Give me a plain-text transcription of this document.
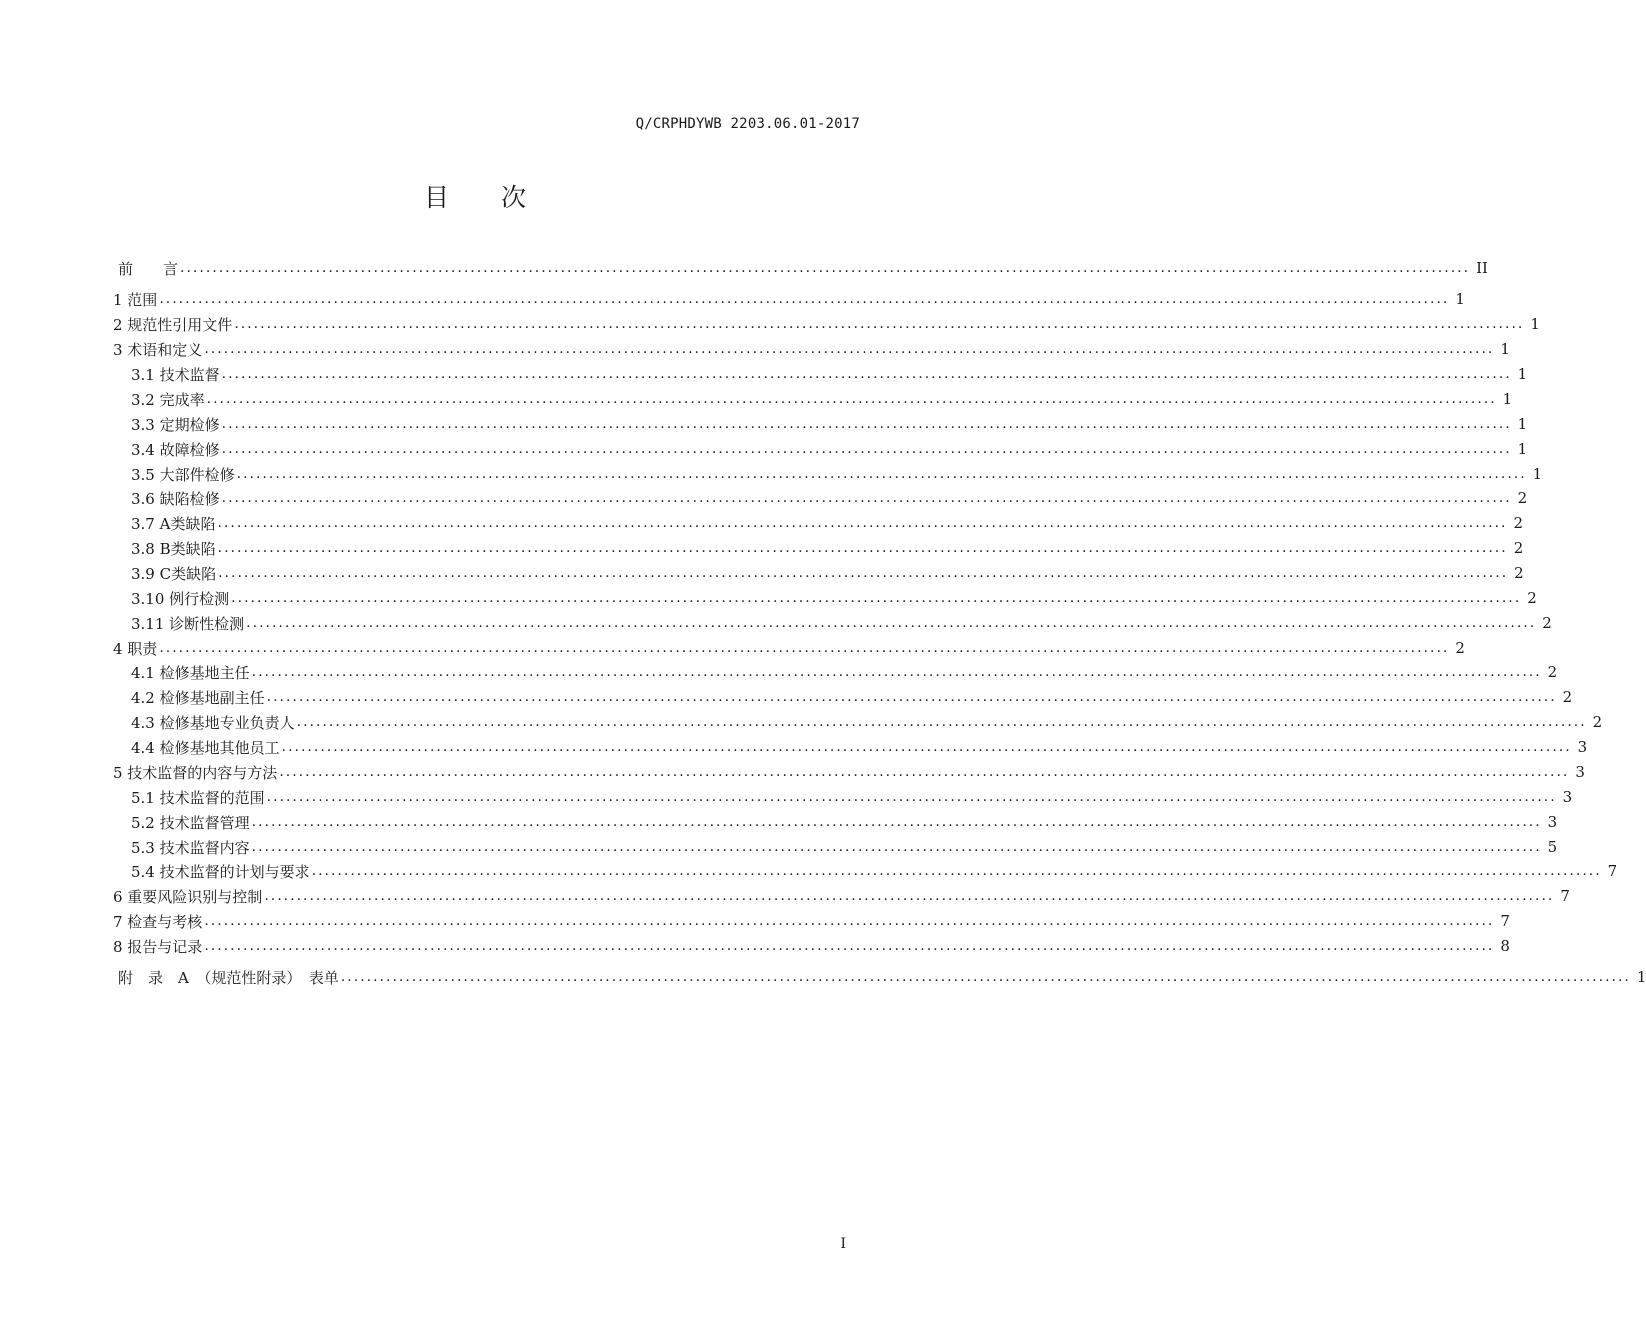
Q/CRPHDYWB 2203.06.01-2017
目 次
前　　言 ........................................................................................................................................................................................................ II
1 范围 ........................................................................................................................................................................................................ 1
2 规范性引用文件 ........................................................................................................................................................................................................ 1
3 术语和定义 ........................................................................................................................................................................................................ 1
3.1 技术监督 ........................................................................................................................................................................................................ 1
3.2 完成率 ........................................................................................................................................................................................................ 1
3.3 定期检修 ........................................................................................................................................................................................................ 1
3.4 故障检修 ........................................................................................................................................................................................................ 1
3.5 大部件检修 ........................................................................................................................................................................................................ 1
3.6 缺陷检修 ........................................................................................................................................................................................................ 2
3.7 A类缺陷 ........................................................................................................................................................................................................ 2
3.8 B类缺陷 ........................................................................................................................................................................................................ 2
3.9 C类缺陷 ........................................................................................................................................................................................................ 2
3.10 例行检测 ........................................................................................................................................................................................................ 2
3.11 诊断性检测 ........................................................................................................................................................................................................ 2
4 职责 ........................................................................................................................................................................................................ 2
4.1 检修基地主任 ........................................................................................................................................................................................................ 2
4.2 检修基地副主任 ........................................................................................................................................................................................................ 2
4.3 检修基地专业负责人 ........................................................................................................................................................................................................ 2
4.4 检修基地其他员工 ........................................................................................................................................................................................................ 3
5 技术监督的内容与方法 ........................................................................................................................................................................................................ 3
5.1 技术监督的范围 ........................................................................................................................................................................................................ 3
5.2 技术监督管理 ........................................................................................................................................................................................................ 3
5.3 技术监督内容 ........................................................................................................................................................................................................ 5
5.4 技术监督的计划与要求 ........................................................................................................................................................................................................ 7
6 重要风险识别与控制 ........................................................................................................................................................................................................ 7
7 检查与考核 ........................................................................................................................................................................................................ 7
8 报告与记录 ........................................................................................................................................................................................................ 8
附　录　A　（规范性附录）　表单 ........................................................................................................................................................................................................ 1
I
